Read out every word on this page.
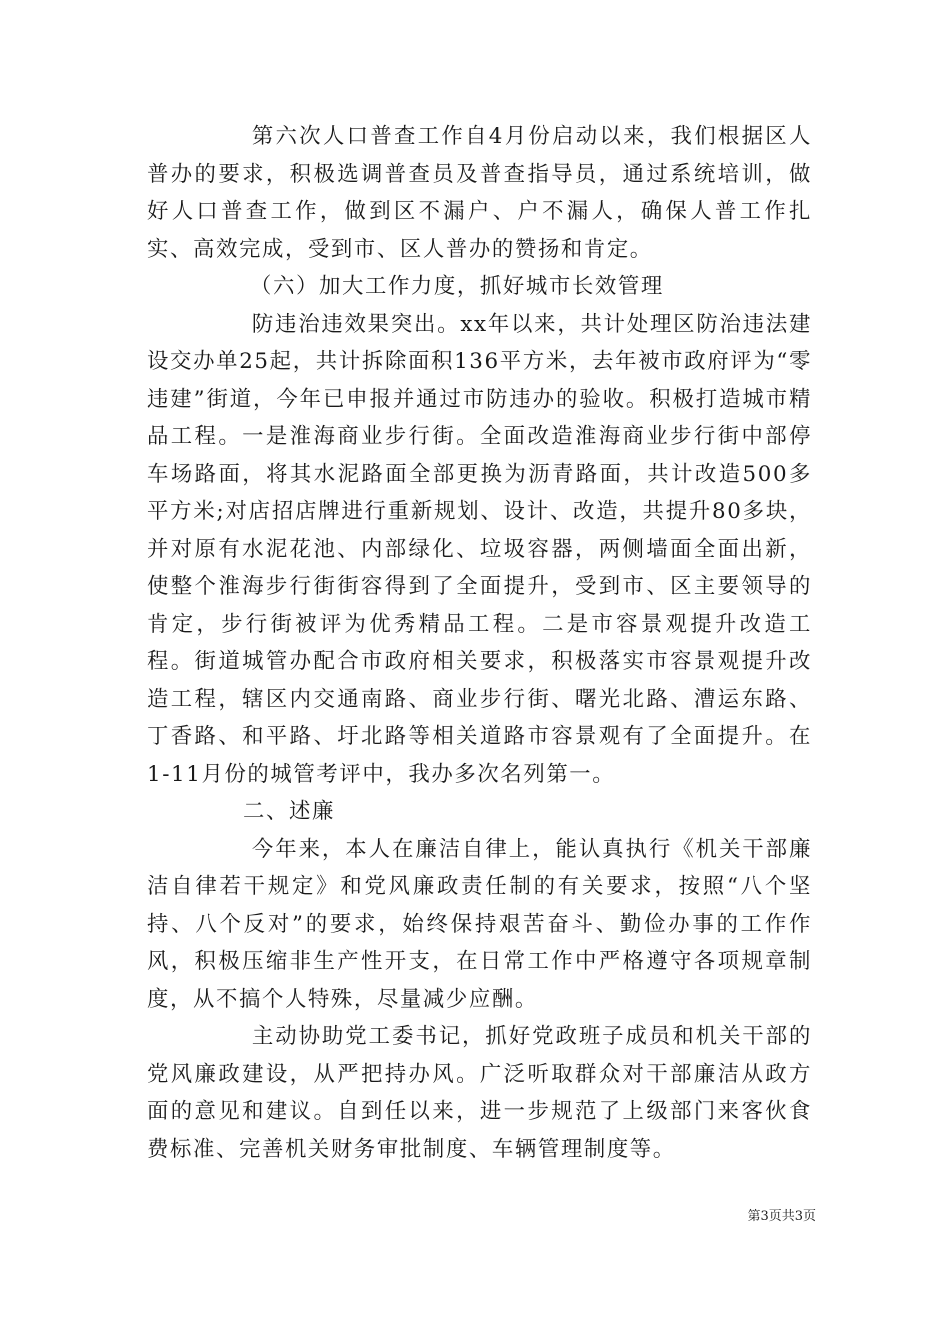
第六次人口普查工作自4月份启动以来，我们根据区人普办的要求，积极选调普查员及普查指导员，通过系统培训，做好人口普查工作，做到区不漏户、户不漏人，确保人普工作扎实、高效完成，受到市、区人普办的赞扬和肯定。

（六）加大工作力度，抓好城市长效管理

防违治违效果突出。xx年以来，共计处理区防治违法建设交办单25起，共计拆除面积136平方米，去年被市政府评为“零违建”街道，今年已申报并通过市防违办的验收。积极打造城市精品工程。一是淮海商业步行街。全面改造淮海商业步行街中部停车场路面，将其水泥路面全部更换为沥青路面，共计改造500多平方米;对店招店牌进行重新规划、设计、改造，共提升80多块，并对原有水泥花池、内部绿化、垃圾容器，两侧墙面全面出新，使整个淮海步行街街容得到了全面提升，受到市、区主要领导的肯定，步行街被评为优秀精品工程。二是市容景观提升改造工程。街道城管办配合市政府相关要求，积极落实市容景观提升改造工程，辖区内交通南路、商业步行街、曙光北路、漕运东路、丁香路、和平路、圩北路等相关道路市容景观有了全面提升。在1-11月份的城管考评中，我办多次名列第一。

二、述廉

今年来，本人在廉洁自律上，能认真执行《机关干部廉洁自律若干规定》和党风廉政责任制的有关要求，按照“八个坚持、八个反对”的要求，始终保持艰苦奋斗、勤俭办事的工作作风，积极压缩非生产性开支，在日常工作中严格遵守各项规章制度，从不搞个人特殊，尽量减少应酬。

主动协助党工委书记，抓好党政班子成员和机关干部的党风廉政建设，从严把持办风。广泛听取群众对干部廉洁从政方面的意见和建议。自到任以来，进一步规范了上级部门来客伙食费标准、完善机关财务审批制度、车辆管理制度等。

第3页共3页
